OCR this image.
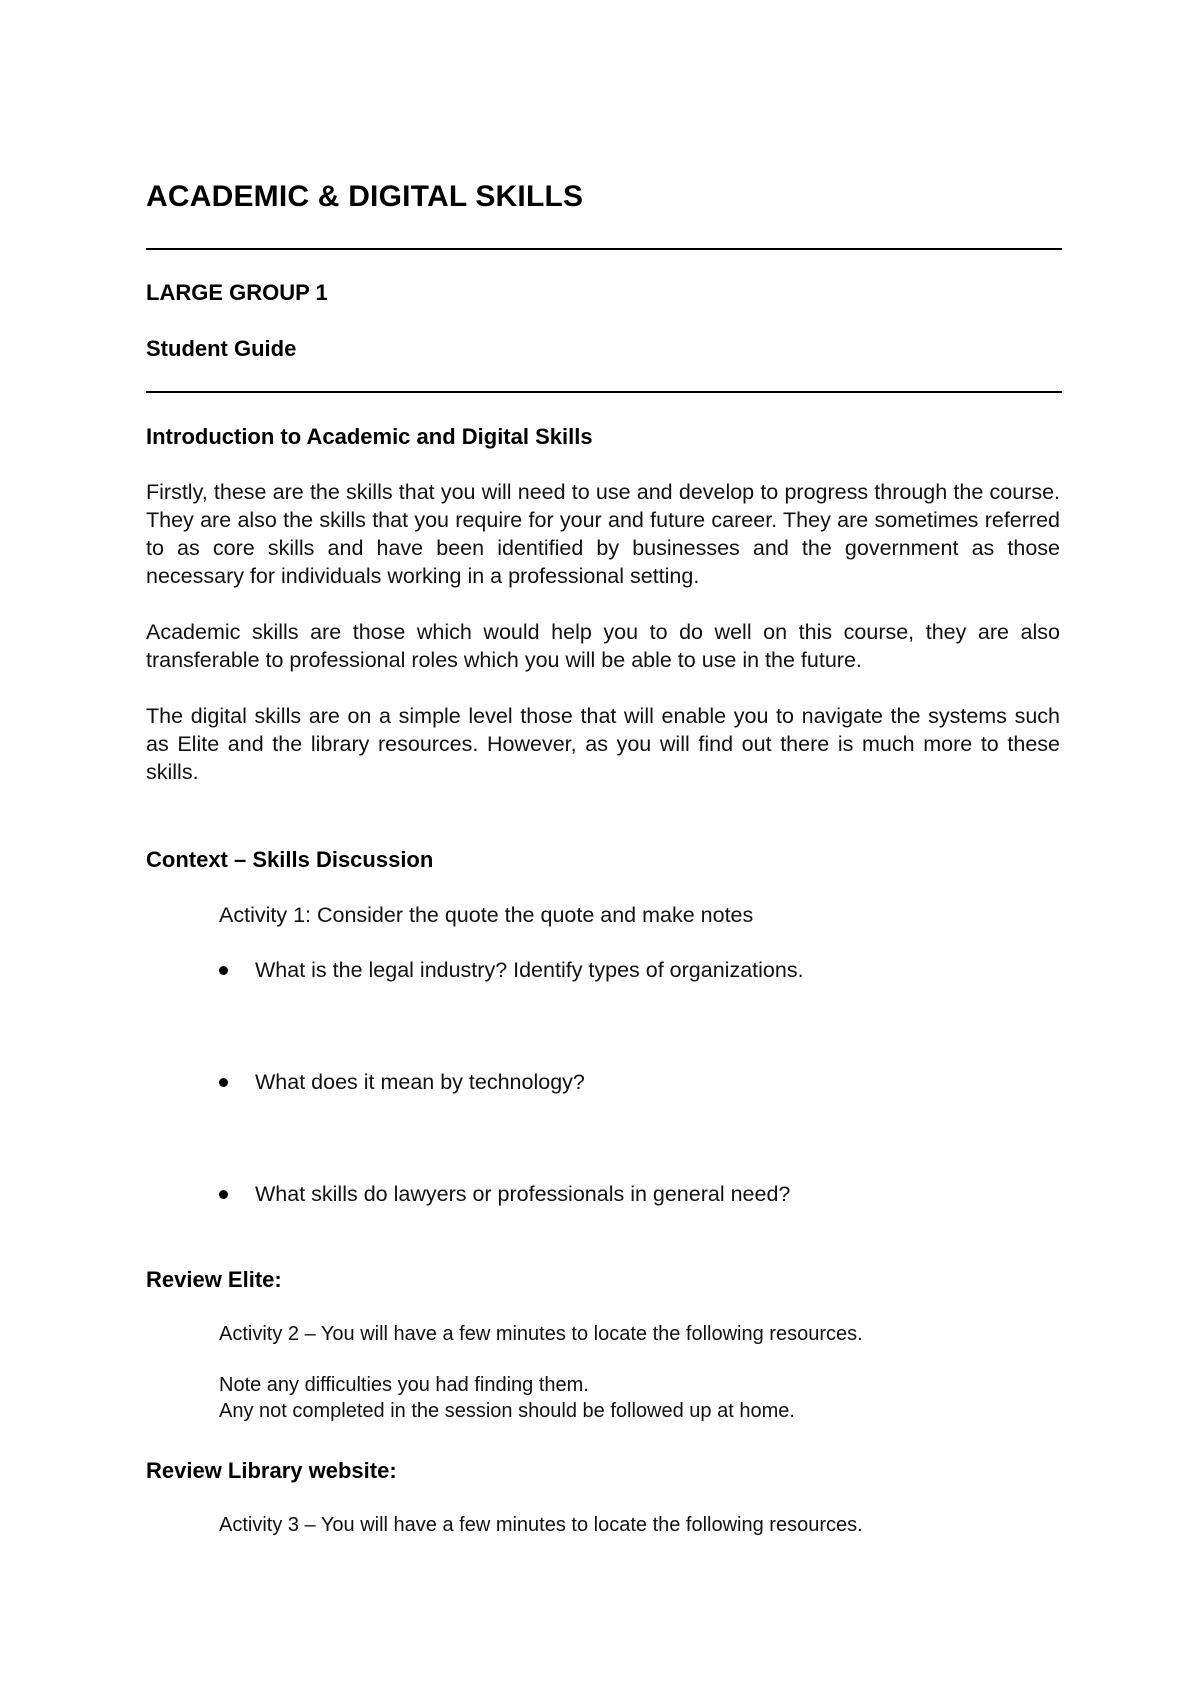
ACADEMIC & DIGITAL SKILLS

LARGE GROUP 1

Student Guide

Introduction to Academic and Digital Skills

Firstly, these are the skills that you will need to use and develop to progress through the course. They are also the skills that you require for your and future career. They are sometimes referred to as core skills and have been identified by businesses and the government as those necessary for individuals working in a professional setting.

Academic skills are those which would help you to do well on this course, they are also transferable to professional roles which you will be able to use in the future.

The digital skills are on a simple level those that will enable you to navigate the systems such as Elite and the library resources. However, as you will find out there is much more to these skills.

Context – Skills Discussion

Activity 1: Consider the quote the quote and make notes

What is the legal industry? Identify types of organizations.
What does it mean by technology?
What skills do lawyers or professionals in general need?

Review Elite:

Activity 2 – You will have a few minutes to locate the following resources.

Note any difficulties you had finding them.

Any not completed in the session should be followed up at home.

Review Library website:

Activity 3 – You will have a few minutes to locate the following resources.
